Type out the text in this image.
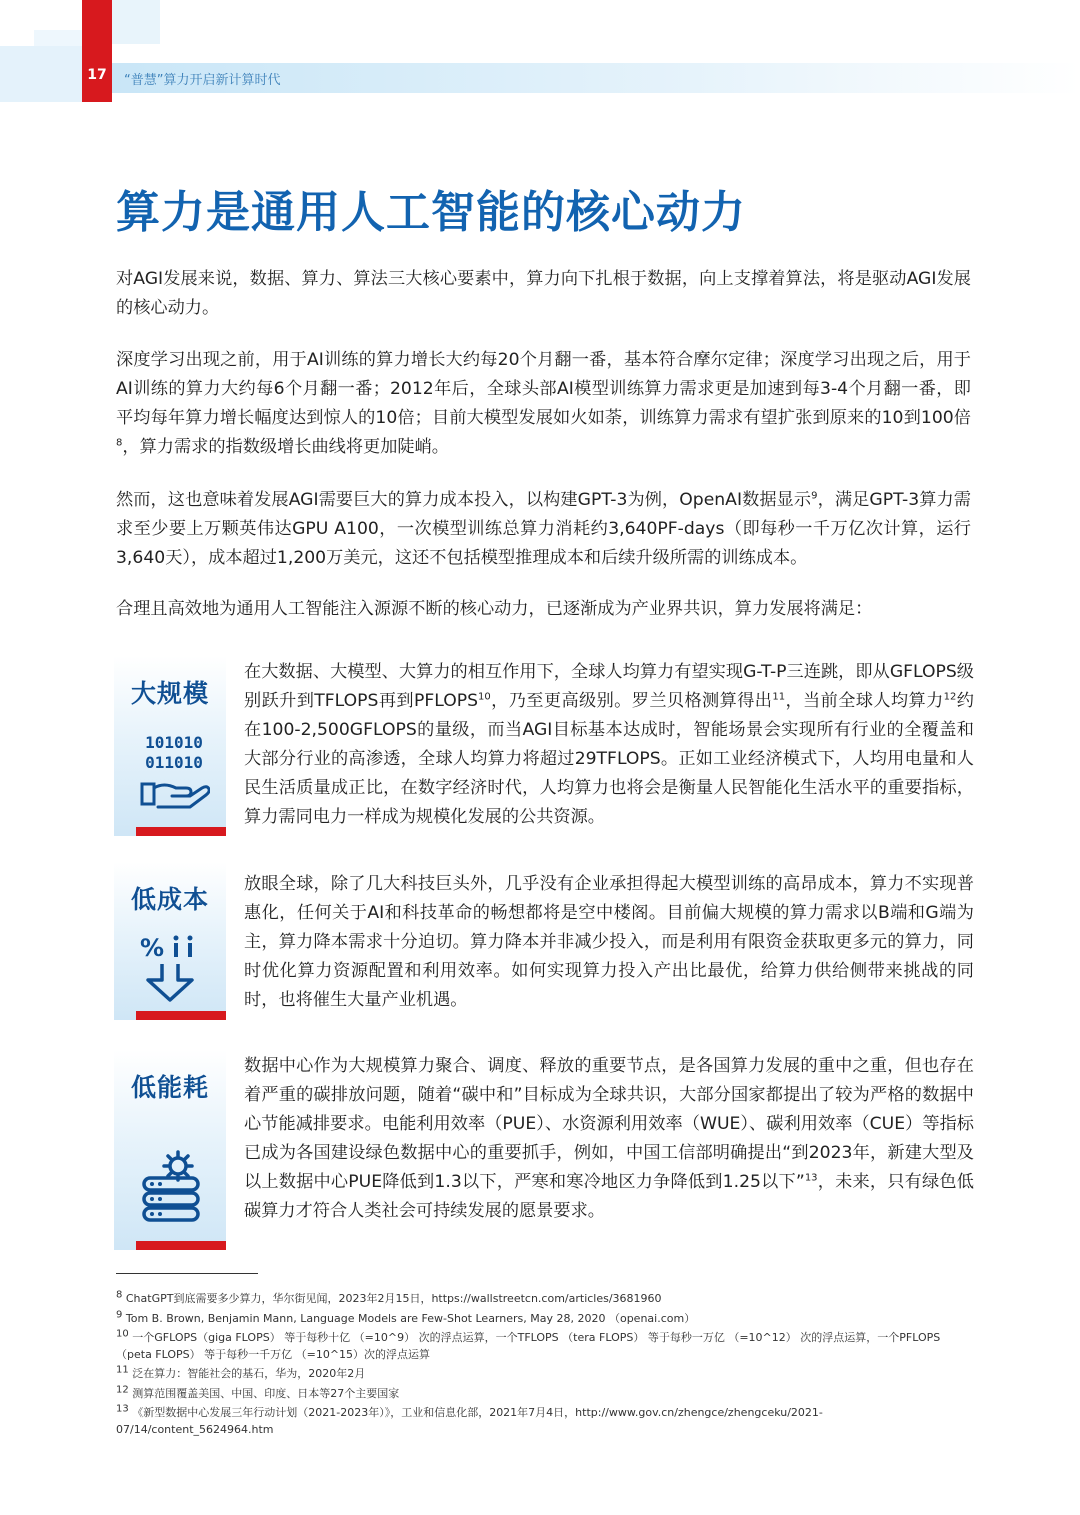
17	“普慧”算力开启新计算时代
算力是通用人工智能的核心动力

对AGI发展来说，数据、算力、算法三大核心要素中，算力向下扎根于数据，向上支撑着算法，将是驱动AGI发展的核心动力。

深度学习出现之前，用于AI训练的算力增长大约每20个月翻一番，基本符合摩尔定律；深度学习出现之后，用于AI训练的算力大约每6个月翻一番；2012年后，全球头部AI模型训练算力需求更是加速到每3-4个月翻一番，即平均每年算力增长幅度达到惊人的10倍；目前大模型发展如火如荼，训练算力需求有望扩张到原来的10到100倍$^8$，算力需求的指数级增长曲线将更加陡峭。

然而，这也意味着发展AGI需要巨大的算力成本投入，以构建GPT-3为例，OpenAI数据显示$^9$，满足GPT-3算力需求至少要上万颗英伟达GPU A100，一次模型训练总算力消耗约3,640PF-days（即每秒一千万亿次计算，运行3,640天），成本超过1,200万美元，这还不包括模型推理成本和后续升级所需的训练成本。

合理且高效地为通用人工智能注入源源不断的核心动力，已逐渐成为产业界共识，算力发展将满足：

大规模
101010
011010

在大数据、大模型、大算力的相互作用下，全球人均算力有望实现G-T-P三连跳，即从GFLOPS级别跃升到TFLOPS再到PFLOPS$^{10}$，乃至更高级别。罗兰贝格测算得出$^{11}$，当前全球人均算力$^{12}$约在100-2,500GFLOPS的量级，而当AGI目标基本达成时，智能场景会实现所有行业的全覆盖和大部分行业的高渗透，全球人均算力将超过29TFLOPS。正如工业经济模式下，人均用电量和人民生活质量成正比，在数字经济时代，人均算力也将会是衡量人民智能化生活水平的重要指标，算力需同电力一样成为规模化发展的公共资源。

低成本
%

放眼全球，除了几大科技巨头外，几乎没有企业承担得起大模型训练的高昂成本，算力不实现普惠化，任何关于AI和科技革命的畅想都将是空中楼阁。目前偏大规模的算力需求以B端和G端为主，算力降本需求十分迫切。算力降本并非减少投入，而是利用有限资金获取更多元的算力，同时优化算力资源配置和利用效率。如何实现算力投入产出比最优，给算力供给侧带来挑战的同时，也将催生大量产业机遇。

低能耗

数据中心作为大规模算力聚合、调度、释放的重要节点，是各国算力发展的重中之重，但也存在着严重的碳排放问题，随着“碳中和”目标成为全球共识，大部分国家都提出了较为严格的数据中心节能减排要求。电能利用效率（PUE）、水资源利用效率（WUE）、碳利用效率（CUE）等指标已成为各国建设绿色数据中心的重要抓手，例如，中国工信部明确提出“到2023年，新建大型及以上数据中心PUE降低到1.3以下，严寒和寒冷地区力争降低到1.25以下”$^{13}$，未来，只有绿色低碳算力才符合人类社会可持续发展的愿景要求。

8 ChatGPT到底需要多少算力，华尔街见闻，2023年2月15日，https://wallstreetcn.com/articles/3681960
9 Tom B. Brown, Benjamin Mann, Language Models are Few-Shot Learners, May 28, 2020 （openai.com）
10 一个GFLOPS（giga FLOPS） 等于每秒十亿 （=10^9） 次的浮点运算，一个TFLOPS （tera FLOPS） 等于每秒一万亿 （=10^12） 次的浮点运算，一个PFLOPS （peta FLOPS） 等于每秒一千万亿 （=10^15）次的浮点运算
11 泛在算力：智能社会的基石，华为，2020年2月
12 测算范围覆盖美国、中国、印度、日本等27个主要国家
13 《新型数据中心发展三年行动计划（2021-2023年）》，工业和信息化部，2021年7月4日，http://www.gov.cn/zhengce/zhengceku/2021-07/14/content_5624964.htm
